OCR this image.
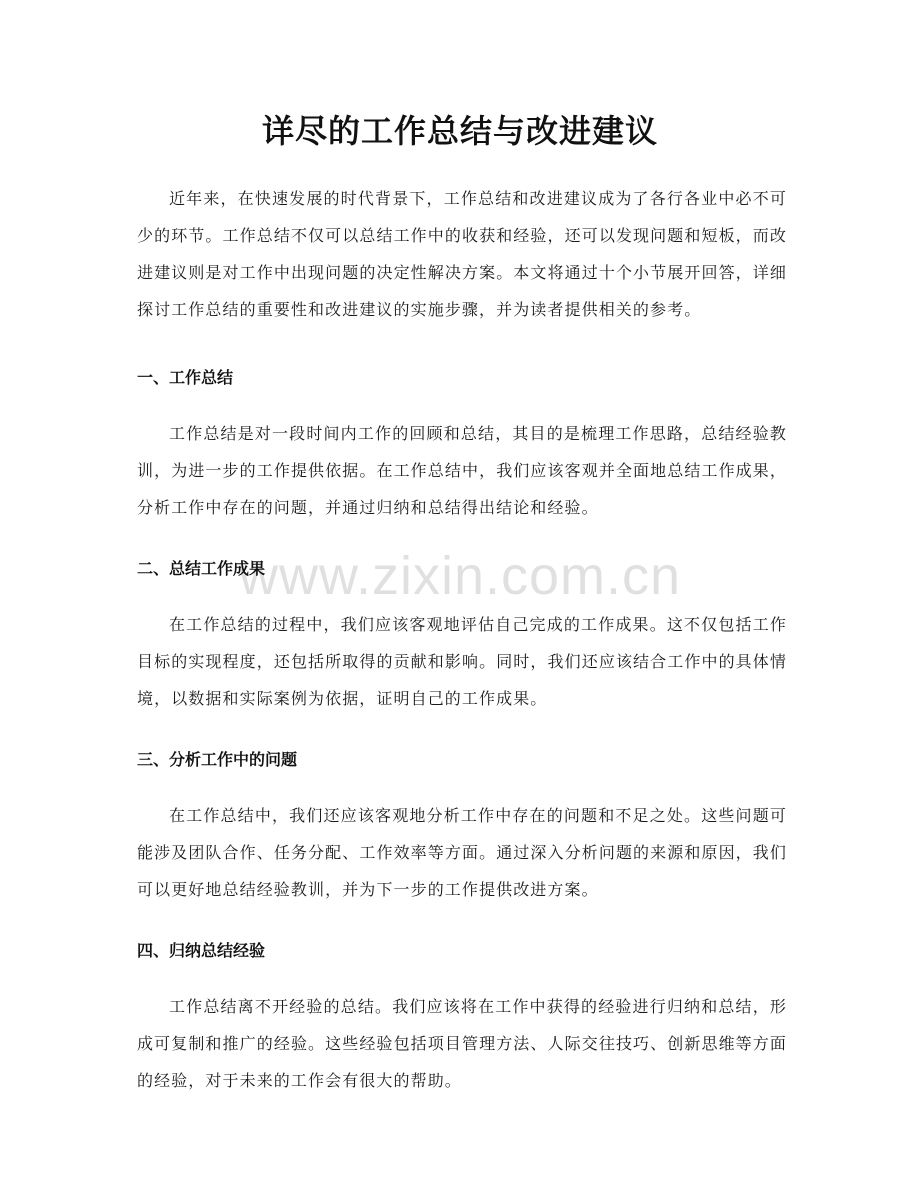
详尽的工作总结与改进建议

近年来，在快速发展的时代背景下，工作总结和改进建议成为了各行各业中必不可少的环节。工作总结不仅可以总结工作中的收获和经验，还可以发现问题和短板，而改进建议则是对工作中出现问题的决定性解决方案。本文将通过十个小节展开回答，详细探讨工作总结的重要性和改进建议的实施步骤，并为读者提供相关的参考。

一、工作总结

工作总结是对一段时间内工作的回顾和总结，其目的是梳理工作思路，总结经验教训，为进一步的工作提供依据。在工作总结中，我们应该客观并全面地总结工作成果，分析工作中存在的问题，并通过归纳和总结得出结论和经验。

二、总结工作成果

在工作总结的过程中，我们应该客观地评估自己完成的工作成果。这不仅包括工作目标的实现程度，还包括所取得的贡献和影响。同时，我们还应该结合工作中的具体情境，以数据和实际案例为依据，证明自己的工作成果。

三、分析工作中的问题

在工作总结中，我们还应该客观地分析工作中存在的问题和不足之处。这些问题可能涉及团队合作、任务分配、工作效率等方面。通过深入分析问题的来源和原因，我们可以更好地总结经验教训，并为下一步的工作提供改进方案。

四、归纳总结经验

工作总结离不开经验的总结。我们应该将在工作中获得的经验进行归纳和总结，形成可复制和推广的经验。这些经验包括项目管理方法、人际交往技巧、创新思维等方面的经验，对于未来的工作会有很大的帮助。

www.zixin.com.cn
